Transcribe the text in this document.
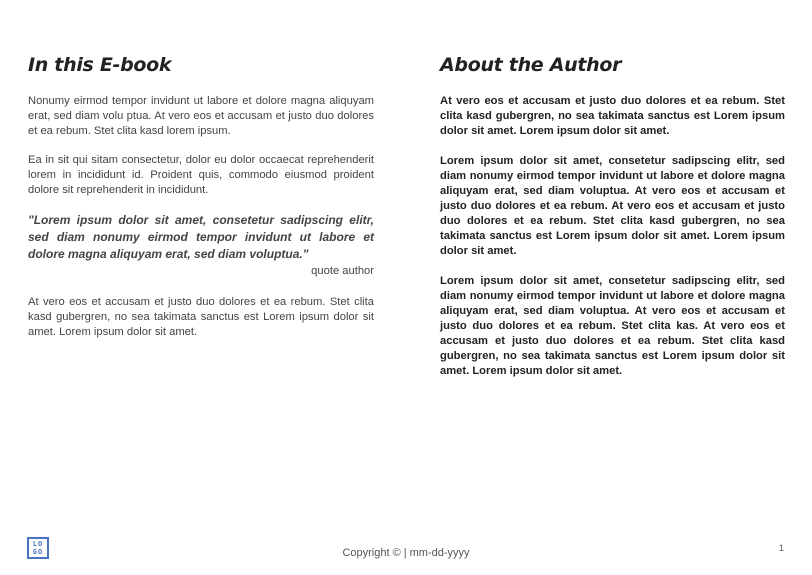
In this E-book

Nonumy eirmod tempor invidunt ut labore et dolore magna aliquyam erat, sed diam volu ptua. At vero eos et accusam et justo duo dolores et ea rebum. Stet clita kasd lorem ipsum.

Ea in sit qui sitam consectetur, dolor eu dolor occaecat reprehenderit lorem in incididunt id. Proident quis, commodo eiusmod proident dolore sit reprehenderit in incididunt.

"Lorem ipsum dolor sit amet, consetetur sadipscing elitr, sed diam nonumy eirmod tempor invidunt ut labore et dolore magna aliquyam erat, sed diam voluptua."

quote author

At vero eos et accusam et justo duo dolores et ea rebum. Stet clita kasd gubergren, no sea takimata sanctus est Lorem ipsum dolor sit amet. Lorem ipsum dolor sit amet.

About the Author

At vero eos et accusam et justo duo dolores et ea rebum. Stet clita kasd gubergren, no sea takimata sanctus est Lorem ipsum dolor sit amet. Lorem ipsum dolor sit amet.

Lorem ipsum dolor sit amet, consetetur sadipscing elitr, sed diam nonumy eirmod tempor invidunt ut labore et dolore magna aliquyam erat, sed diam voluptua. At vero eos et accusam et justo duo dolores et ea rebum. At vero eos et accusam et justo duo dolores et ea rebum. Stet clita kasd gubergren, no sea takimata sanctus est Lorem ipsum dolor sit amet. Lorem ipsum dolor sit amet.

Lorem ipsum dolor sit amet, consetetur sadipscing elitr, sed diam nonumy eirmod tempor invidunt ut labore et dolore magna aliquyam erat, sed diam voluptua. At vero eos et accusam et justo duo dolores et ea rebum. Stet clita kas. At vero eos et accusam et justo duo dolores et ea rebum. Stet clita kasd gubergren, no sea takimata sanctus est Lorem ipsum dolor sit amet. Lorem ipsum dolor sit amet.

LO
GO	Copyright © | mm-dd-yyyy	1
